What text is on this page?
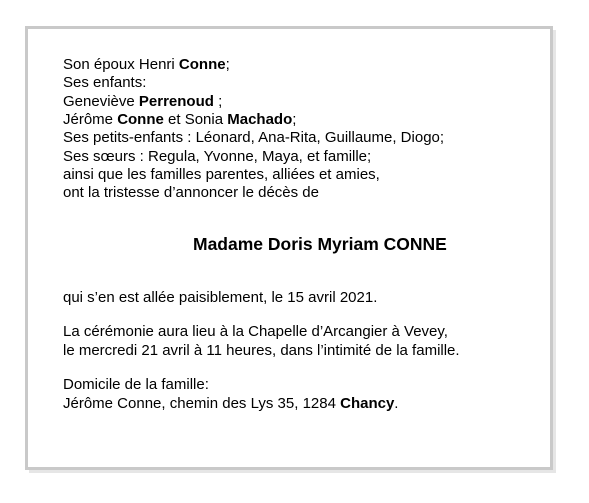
Son époux Henri Conne;
Ses enfants:
Geneviève Perrenoud ;
Jérôme Conne et Sonia Machado;
Ses petits-enfants : Léonard, Ana-Rita, Guillaume, Diogo;
Ses sœurs : Regula, Yvonne, Maya, et famille;
ainsi que les familles parentes, alliées et amies,
ont la tristesse d’annoncer le décès de
Madame Doris Myriam CONNE
qui s’en est allée paisiblement, le 15 avril 2021.
La cérémonie aura lieu à la Chapelle d’Arcangier à Vevey,
le mercredi 21 avril à 11 heures, dans l’intimité de la famille.
Domicile de la famille:
Jérôme Conne, chemin des Lys 35, 1284 Chancy.
